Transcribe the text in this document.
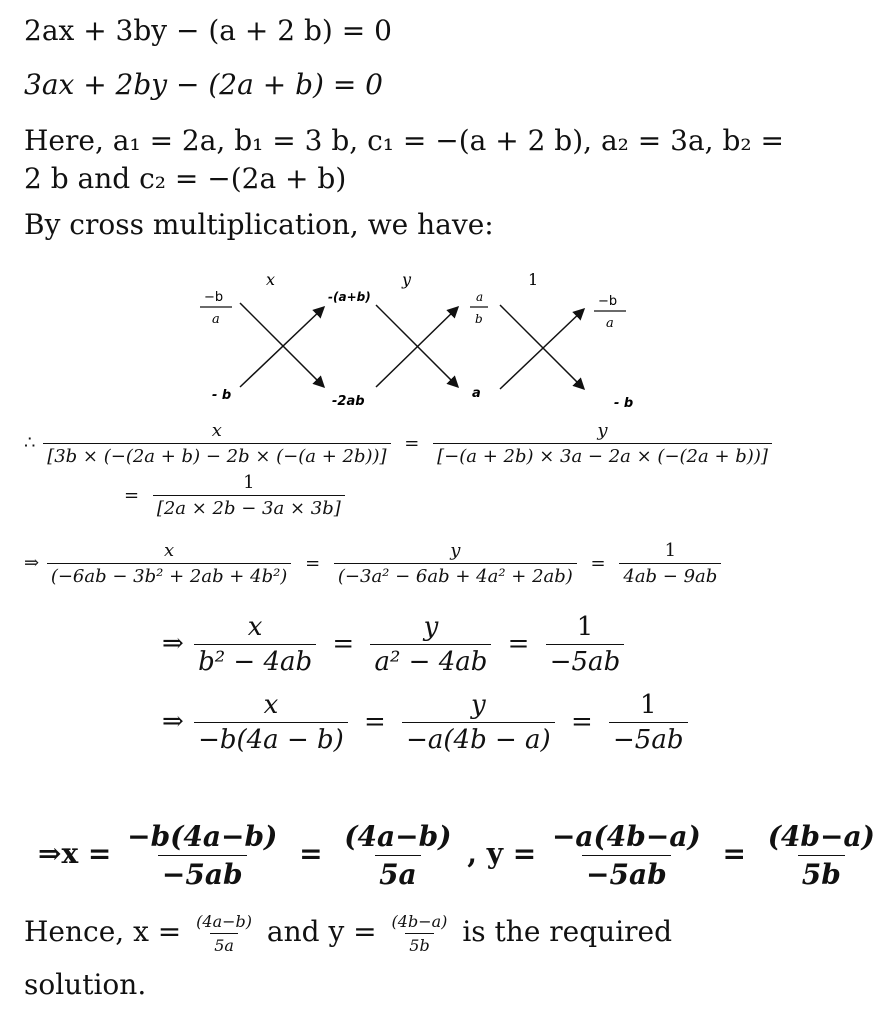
2ax + 3by − (a + 2 b) = 0
3ax + 2by − (2a + b) = 0
Here, a₁ = 2a, b₁ = 3 b, c₁ = −(a + 2 b), a₂ = 3a, b₂ =
2 b and c₂ = −(2a + b)
By cross multiplication, we have:
x	y	1
−b
a
- b
-(a+b)
-2ab
a
b
a
−b
a
- b
∴ $\frac{x}{[3b \times (-(2a + b) - 2b \times (-(a + 2b))]} = \frac{y}{[-(a + 2b) \times 3a - 2a \times (-(2a + b))]}$
= $\frac{1}{[2a \times 2b - 3a \times 3b]}$
⇒ $\frac{x}{\text{(−6ab − 3b² + 2ab + 4b²)}} = \frac{y}{\text{(−3a² − 6ab + 4a² + 2ab)}} = \frac{1}{4ab - 9ab}$
⇒ $\frac{x}{\text{b² − 4ab}} = \frac{y}{\text{a² − 4ab}} = \frac{1}{-5ab}$
⇒ $\frac{x}{-b(4a - b)} = \frac{y}{-a(4b - a)} = \frac{1}{-5ab}$
⇒x = $\frac{-b(4a-b)}{-5ab} = \frac{(4a-b)}{5a}$ , $y = \frac{-a(4b-a)}{-5ab} = \frac{(4b-a)}{5b}$
Hence, $x = \frac{(4a-b)}{5a}$ and $y = \frac{(4b-a)}{5b}$ is the required
solution.
